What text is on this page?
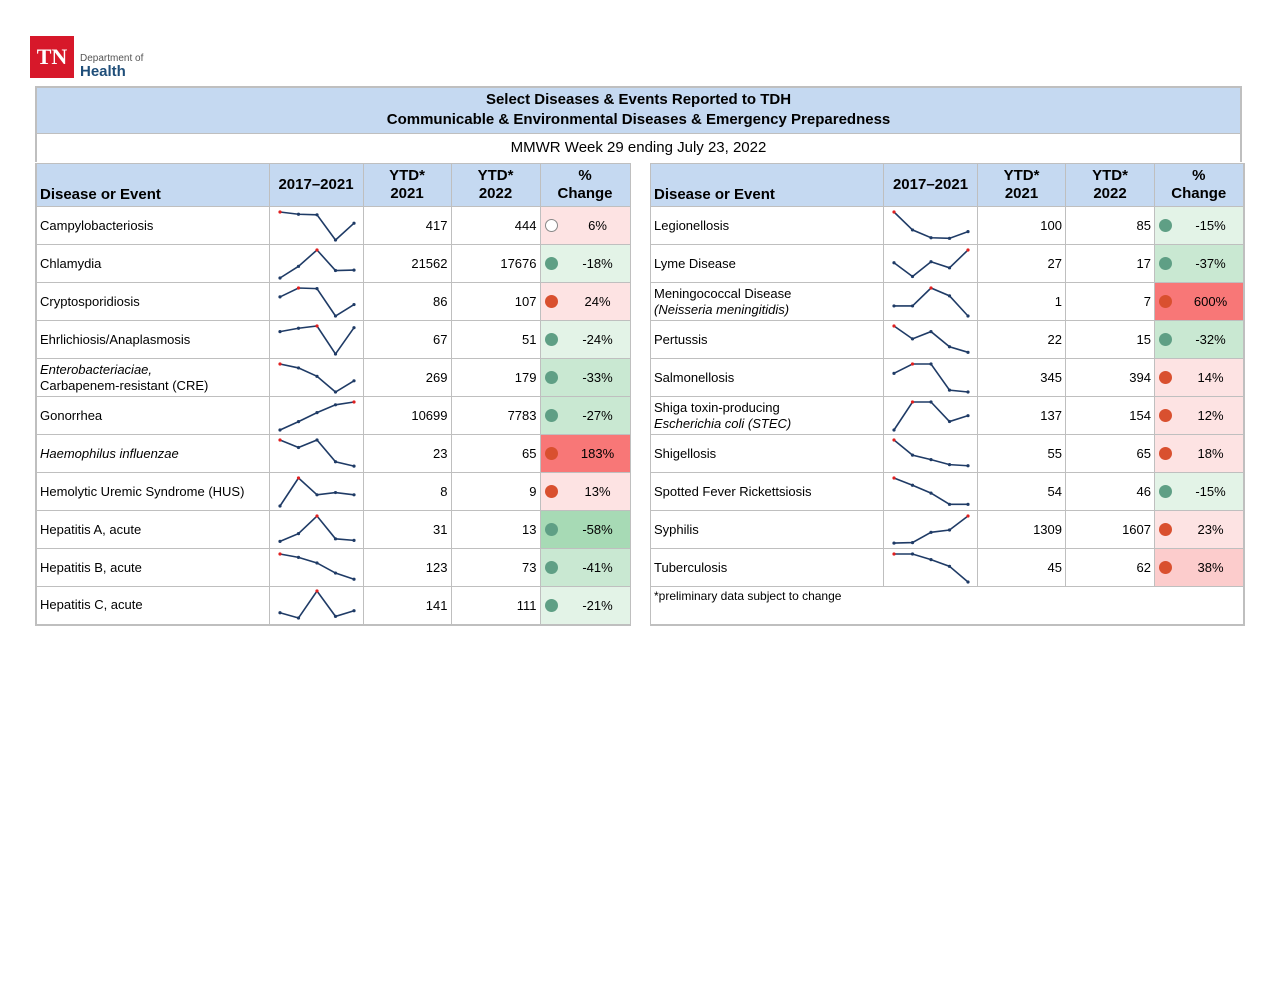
TN	Department of
Health
Select Diseases & Events Reported to TDH
Communicable & Environmental Diseases & Emergency Preparedness
MMWR Week 29 ending July 23, 2022
Disease or Event	2017–2021	YTD*
2021	YTD*
2022	%
Change

Campylobacteriosis		417	444	6%

Chlamydia		21562	17676	-18%

Cryptosporidiosis		86	107	24%

Ehrlichiosis/Anaplasmosis		67	51	-24%

Enterobacteriaciae,
Carbapenem-resistant (CRE)		269	179	-33%

Gonorrhea		10699	7783	-27%

Haemophilus influenzae		23	65	183%

Hemolytic Uremic Syndrome (HUS)		8	9	13%

Hepatitis A, acute		31	13	-58%

Hepatitis B, acute		123	73	-41%

Hepatitis C, acute		141	111	-21%
Disease or Event	2017–2021	YTD*
2021	YTD*
2022	%
Change

Legionellosis		100	85	-15%

Lyme Disease		27	17	-37%

Meningococcal Disease
(Neisseria meningitidis)		1	7	600%

Pertussis		22	15	-32%

Salmonellosis		345	394	14%

Shiga toxin-producing
Escherichia coli (STEC)		137	154	12%

Shigellosis		55	65	18%

Spotted Fever Rickettsiosis		54	46	-15%

Syphilis		1309	1607	23%

Tuberculosis		45	62	38%
*preliminary data subject to change				
